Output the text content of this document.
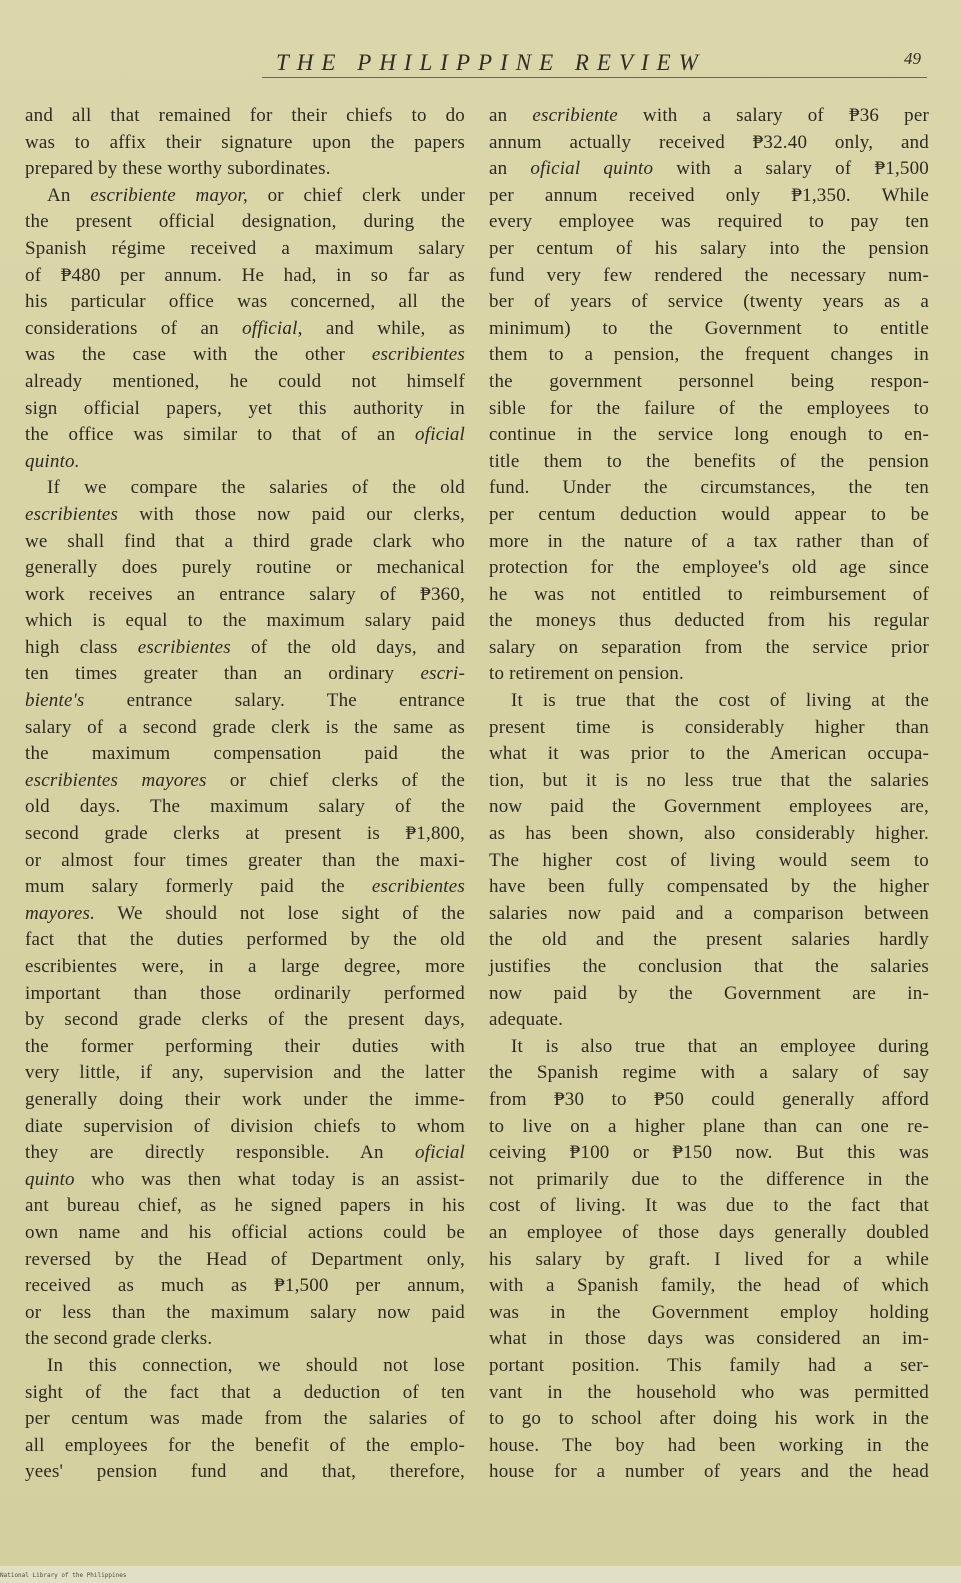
THE PHILIPPINE REVIEW	49
and all that remained for their chiefs to do
was to affix their signature upon the papers
prepared by these worthy subordinates.
An escribiente mayor, or chief clerk under
the present official designation, during the
Spanish régime received a maximum salary
of ₱480 per annum. He had, in so far as
his particular office was concerned, all the
considerations of an official, and while, as
was the case with the other escribientes
already mentioned, he could not himself
sign official papers, yet this authority in
the office was similar to that of an oficial
quinto.
If we compare the salaries of the old
escribientes with those now paid our clerks,
we shall find that a third grade clark who
generally does purely routine or mechanical
work receives an entrance salary of ₱360,
which is equal to the maximum salary paid
high class escribientes of the old days, and
ten times greater than an ordinary escri-
biente's entrance salary. The entrance
salary of a second grade clerk is the same as
the maximum compensation paid the
escribientes mayores or chief clerks of the
old days. The maximum salary of the
second grade clerks at present is ₱1,800,
or almost four times greater than the maxi-
mum salary formerly paid the escribientes
mayores. We should not lose sight of the
fact that the duties performed by the old
escribientes were, in a large degree, more
important than those ordinarily performed
by second grade clerks of the present days,
the former performing their duties with
very little, if any, supervision and the latter
generally doing their work under the imme-
diate supervision of division chiefs to whom
they are directly responsible. An oficial
quinto who was then what today is an assist-
ant bureau chief, as he signed papers in his
own name and his official actions could be
reversed by the Head of Department only,
received as much as ₱1,500 per annum,
or less than the maximum salary now paid
the second grade clerks.
In this connection, we should not lose
sight of the fact that a deduction of ten
per centum was made from the salaries of
all employees for the benefit of the emplo-
yees' pension fund and that, therefore,
an escribiente with a salary of ₱36 per
annum actually received ₱32.40 only, and
an oficial quinto with a salary of ₱1,500
per annum received only ₱1,350. While
every employee was required to pay ten
per centum of his salary into the pension
fund very few rendered the necessary num-
ber of years of service (twenty years as a
minimum) to the Government to entitle
them to a pension, the frequent changes in
the government personnel being respon-
sible for the failure of the employees to
continue in the service long enough to en-
title them to the benefits of the pension
fund. Under the circumstances, the ten
per centum deduction would appear to be
more in the nature of a tax rather than of
protection for the employee's old age since
he was not entitled to reimbursement of
the moneys thus deducted from his regular
salary on separation from the service prior
to retirement on pension.
It is true that the cost of living at the
present time is considerably higher than
what it was prior to the American occupa-
tion, but it is no less true that the salaries
now paid the Government employees are,
as has been shown, also considerably higher.
The higher cost of living would seem to
have been fully compensated by the higher
salaries now paid and a comparison between
the old and the present salaries hardly
justifies the conclusion that the salaries
now paid by the Government are in-
adequate.
It is also true that an employee during
the Spanish regime with a salary of say
from ₱30 to ₱50 could generally afford
to live on a higher plane than can one re-
ceiving ₱100 or ₱150 now. But this was
not primarily due to the difference in the
cost of living. It was due to the fact that
an employee of those days generally doubled
his salary by graft. I lived for a while
with a Spanish family, the head of which
was in the Government employ holding
what in those days was considered an im-
portant position. This family had a ser-
vant in the household who was permitted
to go to school after doing his work in the
house. The boy had been working in the
house for a number of years and the head
National Library of the Philippines
